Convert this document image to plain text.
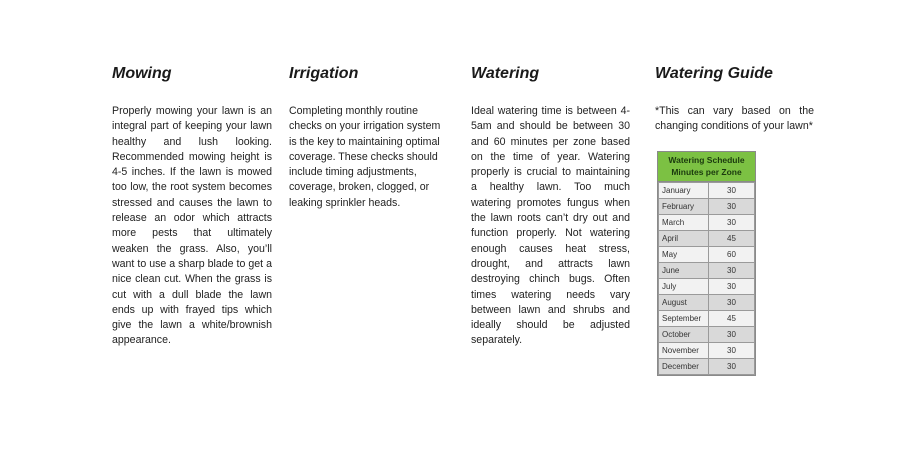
Mowing

Properly mowing your lawn is an integral part of keeping your lawn healthy and lush looking. Recommended mowing height is 4-5 inches. If the lawn is mowed too low, the root system becomes stressed and causes the lawn to release an odor which attracts more pests that ultimately weaken the grass. Also, you’ll want to use a sharp blade to get a nice clean cut. When the grass is cut with a dull blade the lawn ends up with frayed tips which give the lawn a white/brownish appearance.

Irrigation

Completing monthly routine checks on your irrigation system is the key to maintaining optimal coverage. These checks should include timing adjustments, coverage, broken, clogged, or leaking sprinkler heads.

Watering

Ideal watering time is between 4-5am and should be between 30 and 60 minutes per zone based on the time of year. Watering properly is crucial to maintaining a healthy lawn. Too much watering promotes fungus when the lawn roots can’t dry out and function properly. Not watering enough causes heat stress, drought, and attracts lawn destroying chinch bugs. Often times watering needs vary between lawn and shrubs and ideally should be adjusted separately.

Watering Guide

*This can vary based on the changing conditions of your lawn*

Watering Schedule
Minutes per Zone
January	30
February	30
March	30
April	45
May	60
June	30
July	30
August	30
September	45
October	30
November	30
December	30
